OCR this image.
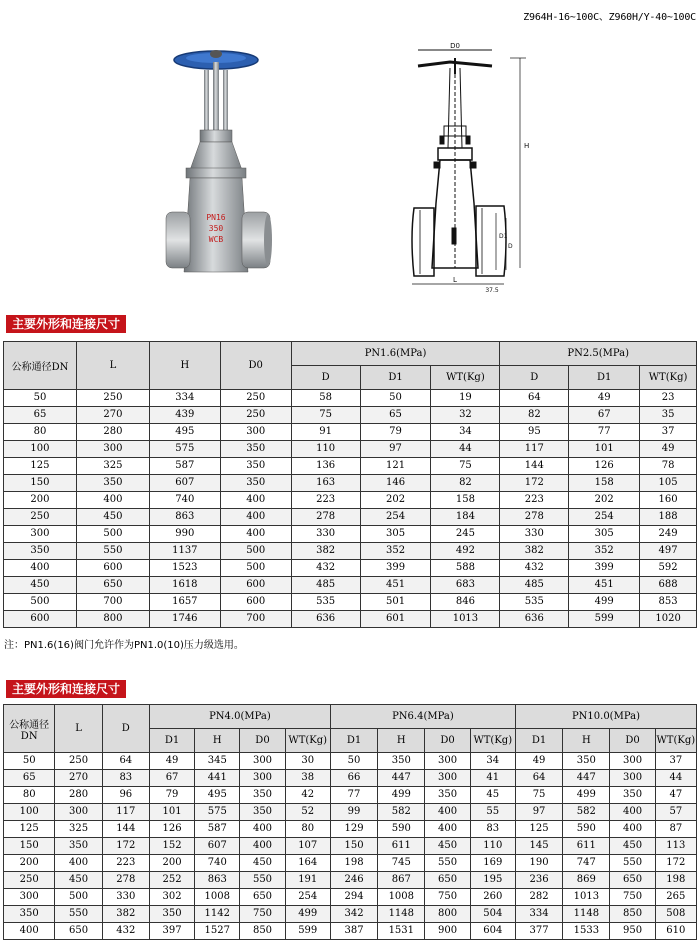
Z964H-16~100C、Z960H/Y-40~100C
PN16
350
WCB
D0
H
D1
D
L
37.5
主要外形和连接尺寸
公称通径DN	L	H	D0	PN1.6(MPa)			PN2.5(MPa)		
				D	D1	WT(Kg)	D	D1	WT(Kg)
50	250	334	250	58	50	19	64	49	23
65	270	439	250	75	65	32	82	67	35
80	280	495	300	91	79	34	95	77	37
100	300	575	350	110	97	44	117	101	49
125	325	587	350	136	121	75	144	126	78
150	350	607	350	163	146	82	172	158	105
200	400	740	400	223	202	158	223	202	160
250	450	863	400	278	254	184	278	254	188
300	500	990	400	330	305	245	330	305	249
350	550	1137	500	382	352	492	382	352	497
400	600	1523	500	432	399	588	432	399	592
450	650	1618	600	485	451	683	485	451	688
500	700	1657	600	535	501	846	535	499	853
600	800	1746	700	636	601	1013	636	599	1020
注：PN1.6(16)阀门允许作为PN1.0(10)压力级选用。
主要外形和连接尺寸
公称通径DN	L	D	PN4.0(MPa)				PN6.4(MPa)				PN10.0(MPa)			
			D1	H	D0	WT(Kg)	D1	H	D0	WT(Kg)	D1	H	D0	WT(Kg)
50	250	64	49	345	300	30	50	350	300	34	49	350	300	37
65	270	83	67	441	300	38	66	447	300	41	64	447	300	44
80	280	96	79	495	350	42	77	499	350	45	75	499	350	47
100	300	117	101	575	350	52	99	582	400	55	97	582	400	57
125	325	144	126	587	400	80	129	590	400	83	125	590	400	87
150	350	172	152	607	400	107	150	611	450	110	145	611	450	113
200	400	223	200	740	450	164	198	745	550	169	190	747	550	172
250	450	278	252	863	550	191	246	867	650	195	236	869	650	198
300	500	330	302	1008	650	254	294	1008	750	260	282	1013	750	265
350	550	382	350	1142	750	499	342	1148	800	504	334	1148	850	508
400	650	432	397	1527	850	599	387	1531	900	604	377	1533	950	610
